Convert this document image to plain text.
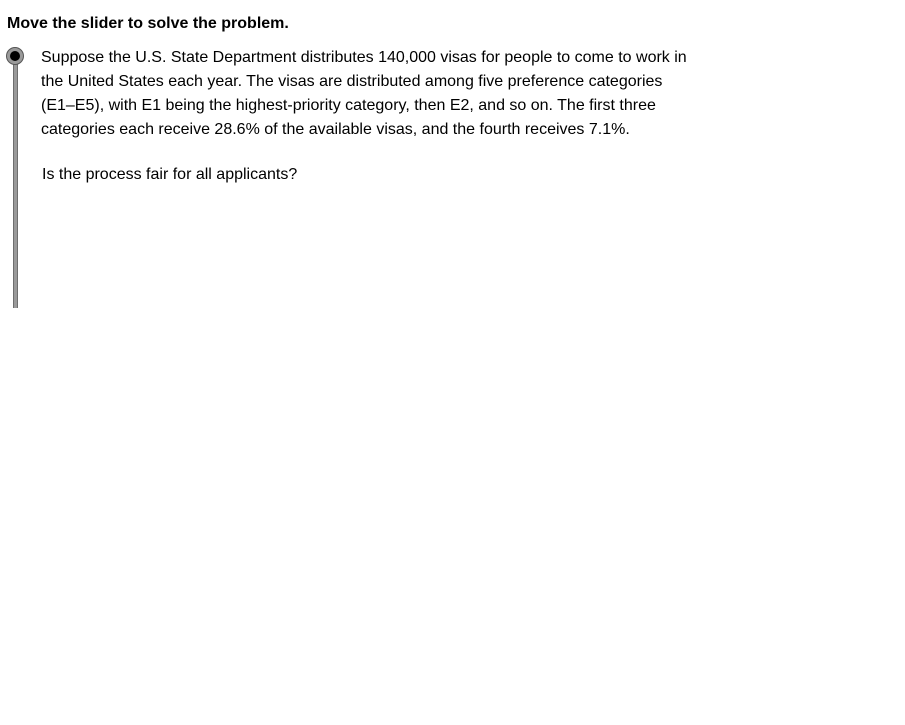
Move the slider to solve the problem.

Suppose the U.S. State Department distributes 140,000 visas for people to come to work in the United States each year. The visas are distributed among five preference categories (E1–E5), with E1 being the highest-priority category, then E2, and so on. The first three categories each receive 28.6% of the available visas, and the fourth receives 7.1%.

Is the process fair for all applicants?
